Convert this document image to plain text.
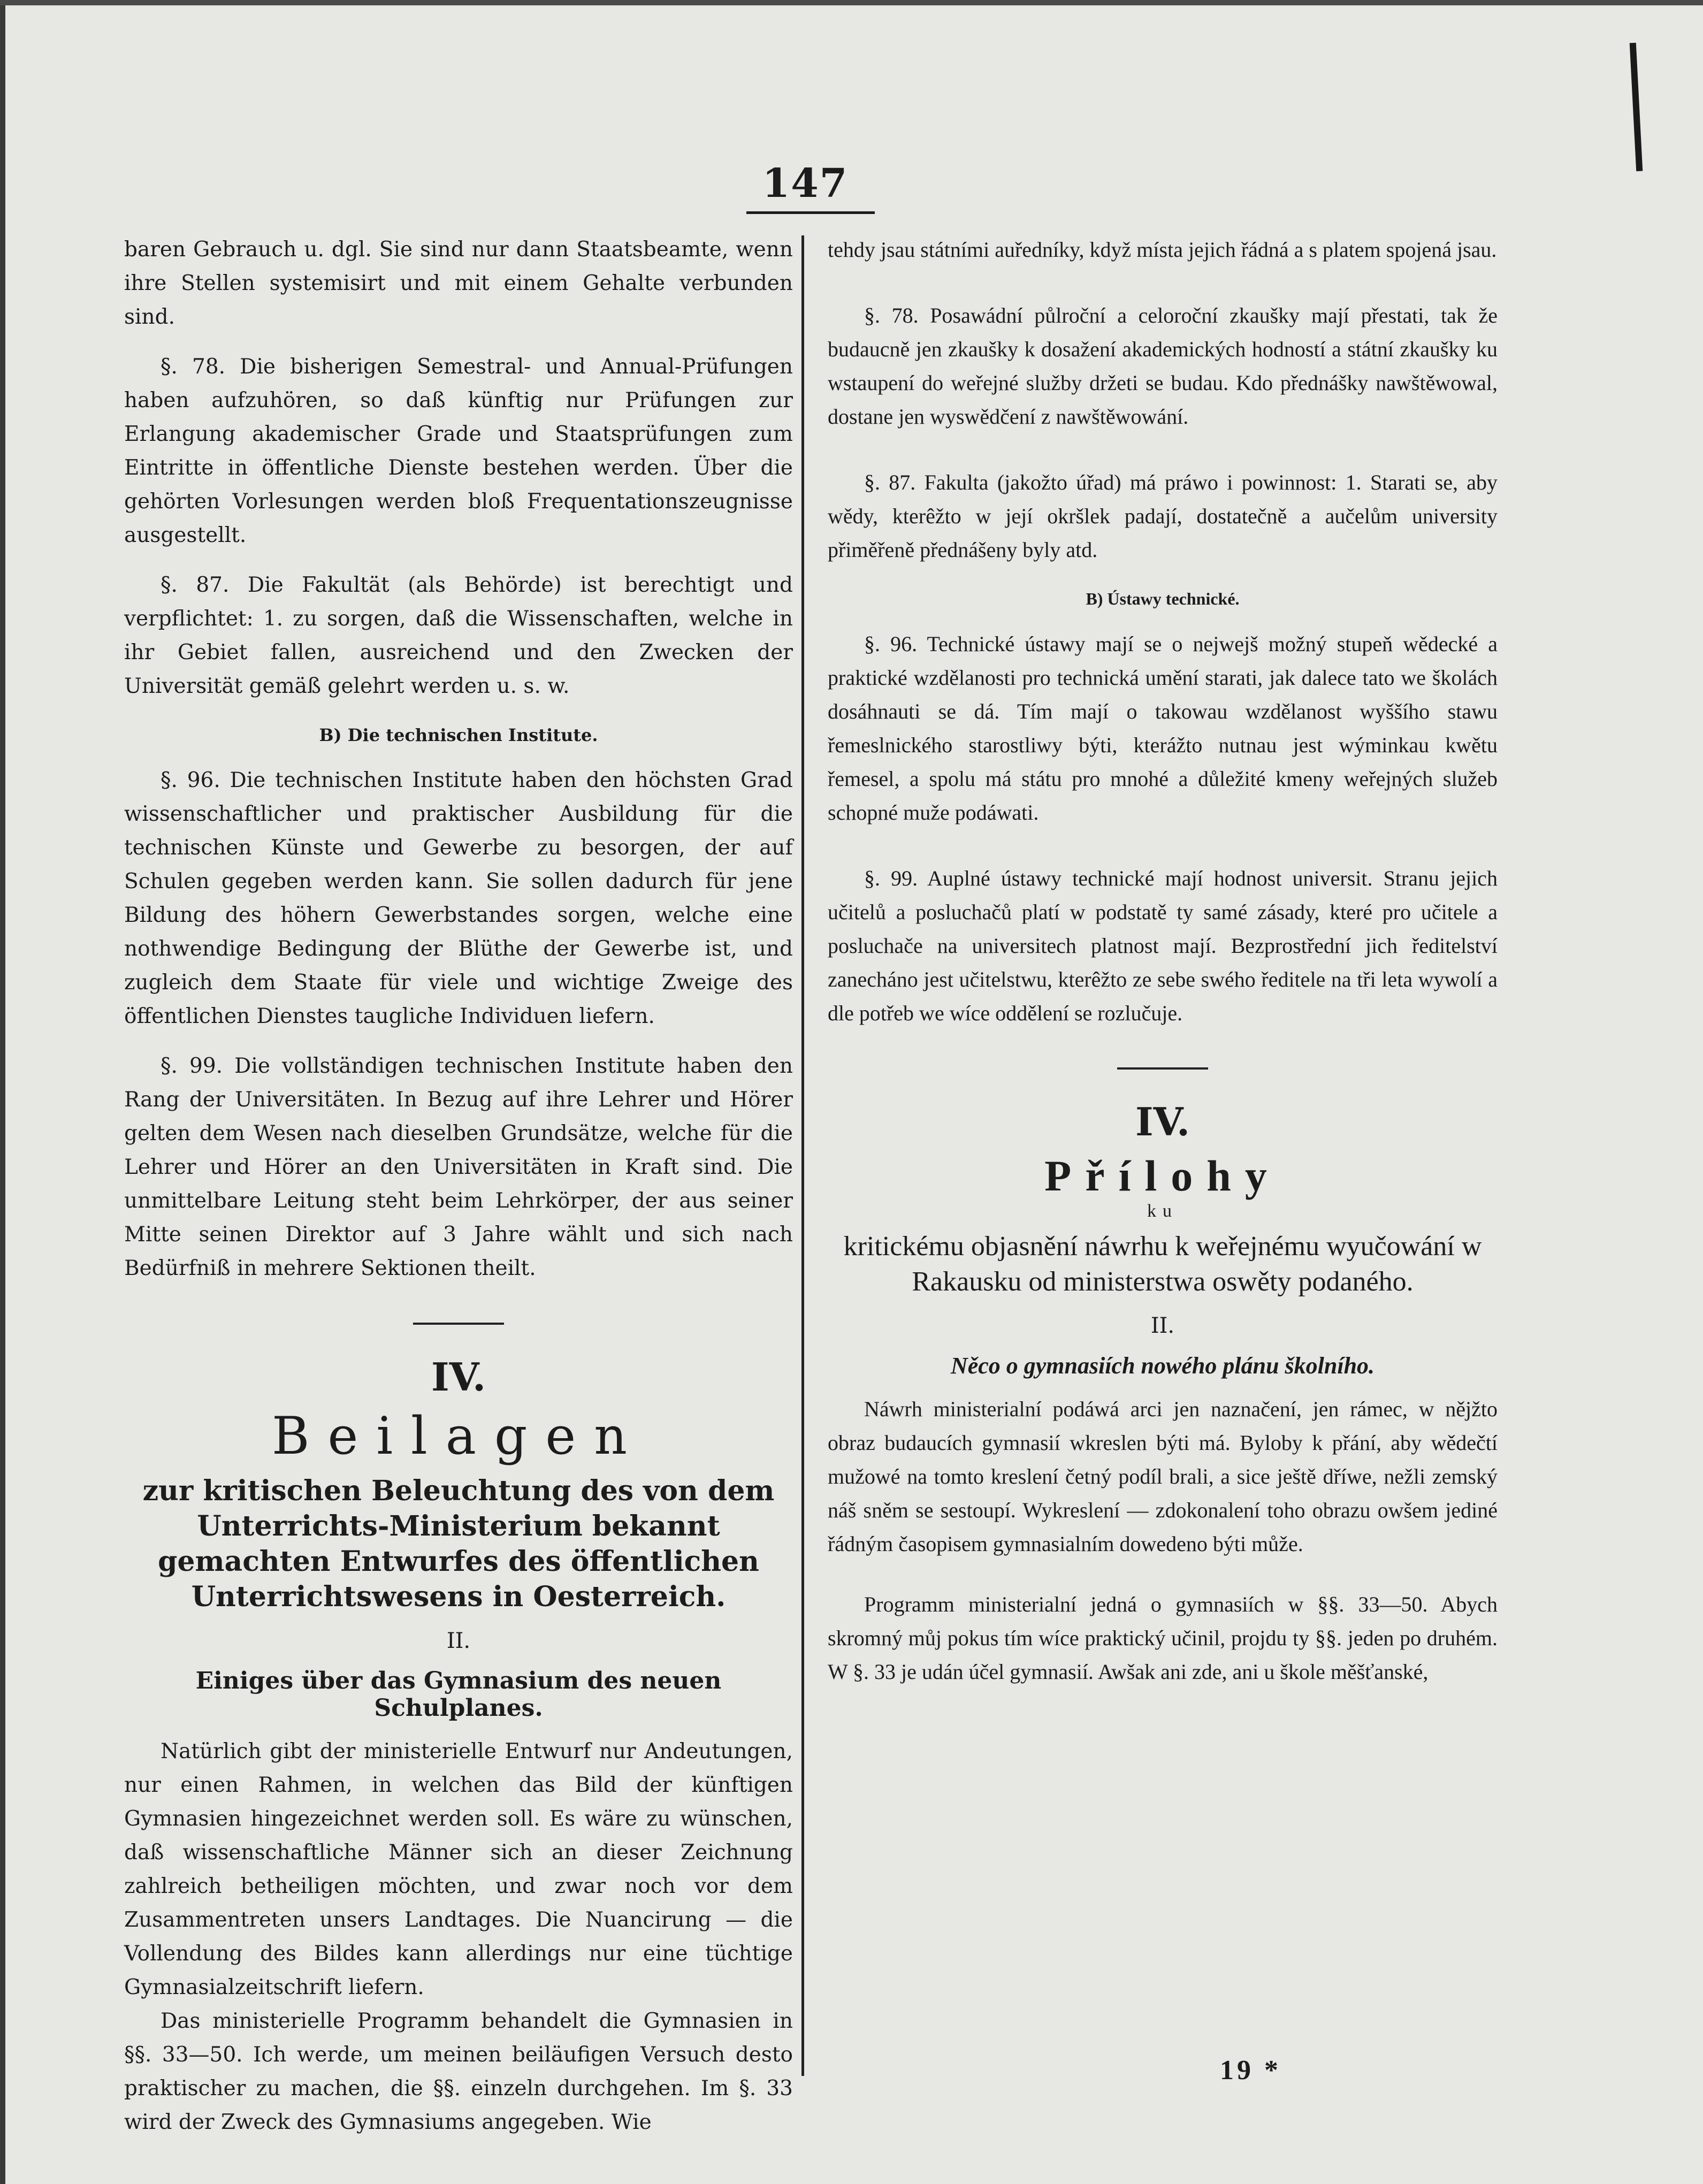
147

baren Gebrauch u. dgl. Sie sind nur dann Staatsbeamte, wenn ihre Stellen systemisirt und mit einem Gehalte verbunden sind.

§. 78. Die bisherigen Semestral- und Annual-Prüfungen haben aufzuhören, so daß künftig nur Prüfungen zur Erlangung akademischer Grade und Staatsprüfungen zum Eintritte in öffentliche Dienste bestehen werden. Über die gehörten Vorlesungen werden bloß Frequentationszeugnisse ausgestellt.

§. 87. Die Fakultät (als Behörde) ist berechtigt und verpflichtet: 1. zu sorgen, daß die Wissenschaften, welche in ihr Gebiet fallen, ausreichend und den Zwecken der Universität gemäß gelehrt werden u. s. w.

B) Die technischen Institute.

§. 96. Die technischen Institute haben den höchsten Grad wissenschaftlicher und praktischer Ausbildung für die technischen Künste und Gewerbe zu besorgen, der auf Schulen gegeben werden kann. Sie sollen dadurch für jene Bildung des höhern Gewerbstandes sorgen, welche eine nothwendige Bedingung der Blüthe der Gewerbe ist, und zugleich dem Staate für viele und wichtige Zweige des öffentlichen Dienstes taugliche Individuen liefern.

§. 99. Die vollständigen technischen Institute haben den Rang der Universitäten. In Bezug auf ihre Lehrer und Hörer gelten dem Wesen nach dieselben Grundsätze, welche für die Lehrer und Hörer an den Universitäten in Kraft sind. Die unmittelbare Leitung steht beim Lehrkörper, der aus seiner Mitte seinen Direktor auf 3 Jahre wählt und sich nach Bedürfniß in mehrere Sektionen theilt.

IV.
Beilagen
zur kritischen Beleuchtung des von dem Unterrichts-Ministerium bekannt gemachten Entwurfes des öffentlichen Unterrichtswesens in Oesterreich.
II.
Einiges über das Gymnasium des neuen Schulplanes.

Natürlich gibt der ministerielle Entwurf nur Andeutungen, nur einen Rahmen, in welchen das Bild der künftigen Gymnasien hingezeichnet werden soll. Es wäre zu wünschen, daß wissenschaftliche Männer sich an dieser Zeichnung zahlreich betheiligen möchten, und zwar noch vor dem Zusammentreten unsers Landtages. Die Nuancirung — die Vollendung des Bildes kann allerdings nur eine tüchtige Gymnasialzeitschrift liefern.

Das ministerielle Programm behandelt die Gymnasien in §§. 33—50. Ich werde, um meinen beiläufigen Versuch desto praktischer zu machen, die §§. einzeln durchgehen. Im §. 33 wird der Zweck des Gymnasiums angegeben. Wie

tehdy jsau státními auředníky, když místa jejich řádná a s platem spojená jsau.

§. 78. Posawádní půlroční a celoroční zkaušky mají přestati, tak že budaucně jen zkaušky k dosažení akademických hodností a státní zkaušky ku wstaupení do weřejné služby držeti se budau. Kdo přednášky nawštěwowal, dostane jen wyswědčení z nawštěwowání.

§. 87. Fakulta (jakožto úřad) má práwo i powinnost: 1. Starati se, aby wědy, kterêžto w její okršlek padají, dostatečně a aučelům university přiměřeně přednášeny byly atd.

B) Ústawy technické.

§. 96. Technické ústawy mají se o nejwejš možný stupeň wědecké a praktické wzdělanosti pro technická umění starati, jak dalece tato we školách dosáhnauti se dá. Tím mají o takowau wzdělanost wyššího stawu řemeslnického starostliwy býti, kterážto nutnau jest wýminkau kwětu řemesel, a spolu má státu pro mnohé a důležité kmeny weřejných služeb schopné muže podáwati.

§. 99. Auplné ústawy technické mají hodnost universit. Stranu jejich učitelů a posluchačů platí w podstatě ty samé zásady, které pro učitele a posluchače na universitech platnost mají. Bezprostřední jich ředitelství zanecháno jest učitelstwu, kterêžto ze sebe swého ředitele na tři leta wywolí a dle potřeb we wíce oddělení se rozlučuje.

IV.
Přílohy
ku
kritickému objasnění náwrhu k weřejnému wyučowání w Rakausku od ministerstwa oswěty podaného.
II.
Něco o gymnasiích nowého plánu školního.

Náwrh ministerialní podáwá arci jen naznačení, jen rámec, w nějžto obraz budaucích gymnasií wkreslen býti má. Byloby k přání, aby wědečtí mužowé na tomto kreslení četný podíl brali, a sice ještě dříwe, nežli zemský náš sněm se sestoupí. Wykreslení — zdokonalení toho obrazu owšem jediné řádným časopisem gymnasialním dowedeno býti může.

Programm ministerialní jedná o gymnasiích w §§. 33—50. Abych skromný můj pokus tím wíce praktický učinil, projdu ty §§. jeden po druhém. W §. 33 je udán účel gymnasií. Awšak ani zde, ani u škole měšťanské,

19 *
